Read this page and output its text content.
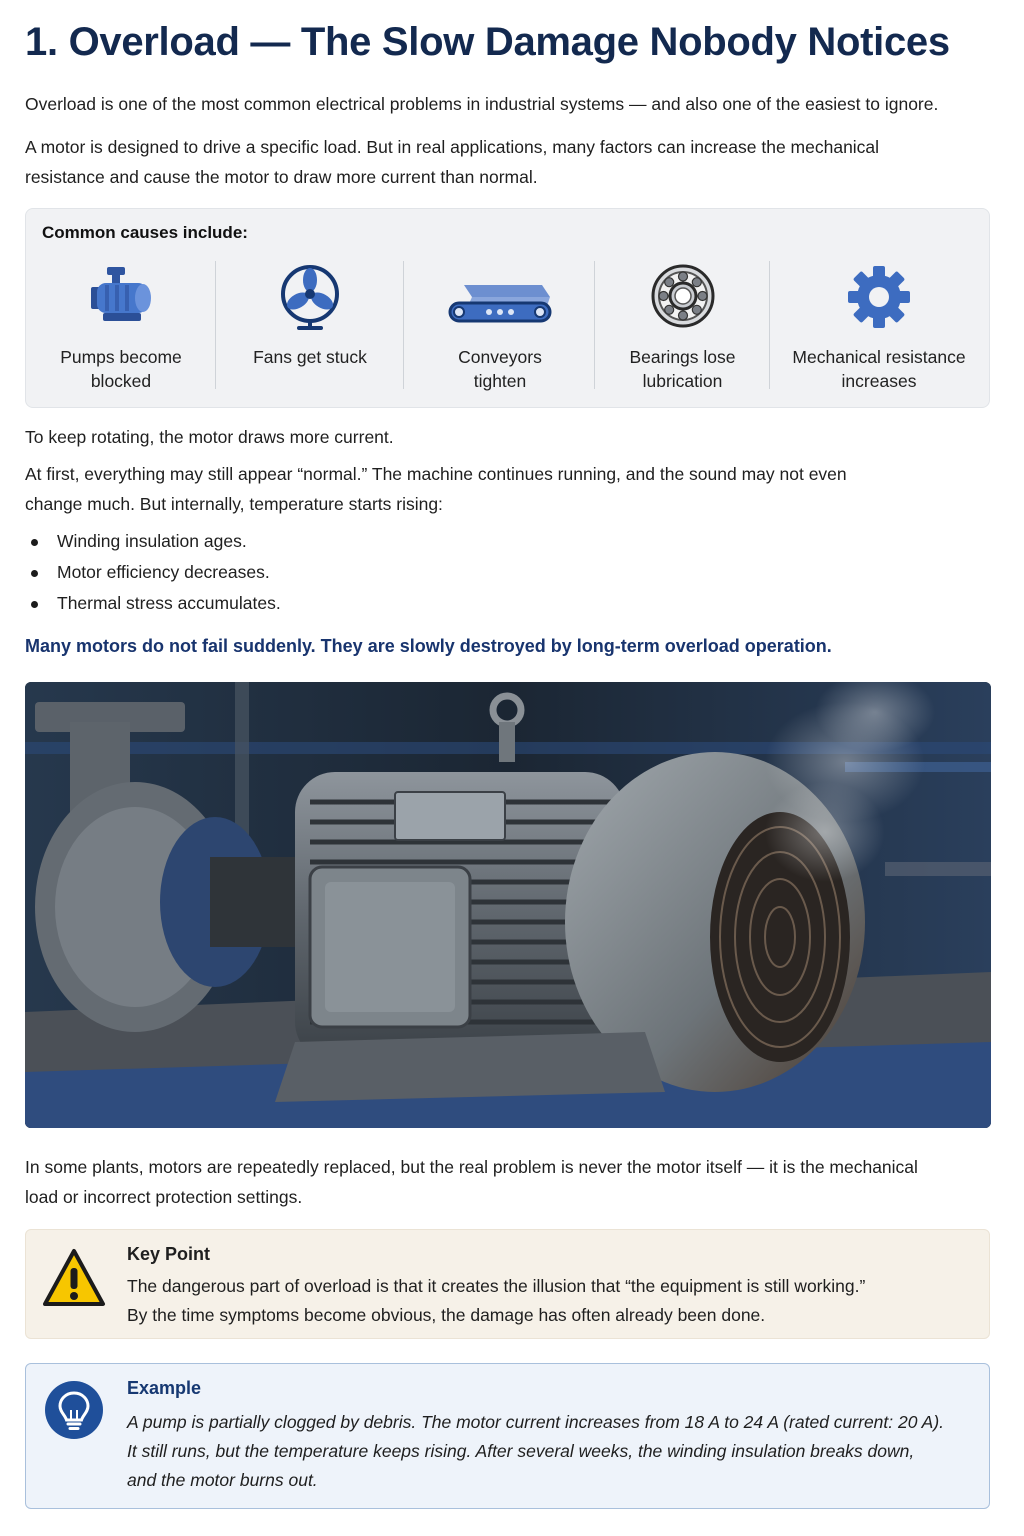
1. Overload — The Slow Damage Nobody Notices

Overload is one of the most common electrical problems in industrial systems — and also one of the easiest to ignore.

A motor is designed to drive a specific load. But in real applications, many factors can increase the mechanical
resistance and cause the motor to draw more current than normal.

Common causes include:

Pumps become
blocked
Fans get stuck	Conveyors
tighten
Bearings lose
lubrication
Mechanical resistance
increases

To keep rotating, the motor draws more current.

At first, everything may still appear “normal.” The machine continues running, and the sound may not even
change much. But internally, temperature starts rising:

Winding insulation ages.
Motor efficiency decreases.
Thermal stress accumulates.

Many motors do not fail suddenly. They are slowly destroyed by long-term overload operation.

In some plants, motors are repeatedly replaced, but the real problem is never the motor itself — it is the mechanical
load or incorrect protection settings.

Key Point

The dangerous part of overload is that it creates the illusion that “the equipment is still working.”
By the time symptoms become obvious, the damage has often already been done.

Example

A pump is partially clogged by debris. The motor current increases from 18 A to 24 A (rated current: 20 A).
It still runs, but the temperature keeps rising. After several weeks, the winding insulation breaks down,
and the motor burns out.
